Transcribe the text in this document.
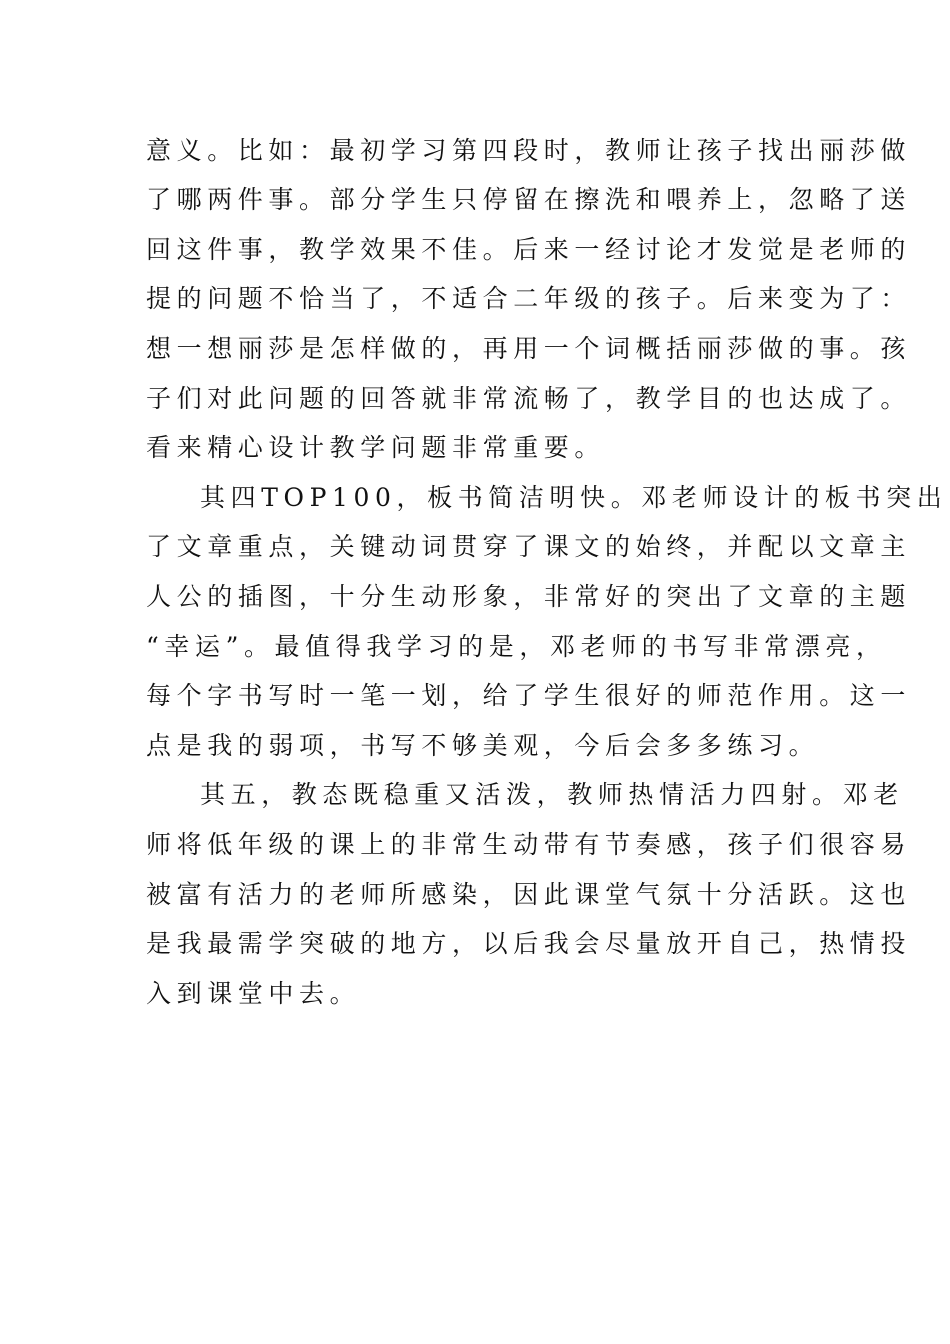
意义。比如：最初学习第四段时，教师让孩子找出丽莎做
了哪两件事。部分学生只停留在擦洗和喂养上，忽略了送
回这件事，教学效果不佳。后来一经讨论才发觉是老师的
提的问题不恰当了，不适合二年级的孩子。后来变为了：
想一想丽莎是怎样做的，再用一个词概括丽莎做的事。孩
子们对此问题的回答就非常流畅了，教学目的也达成了。
看来精心设计教学问题非常重要。
其四TOP100，板书简洁明快。邓老师设计的板书突出
了文章重点，关键动词贯穿了课文的始终，并配以文章主
人公的插图，十分生动形象，非常好的突出了文章的主题
“幸运”。最值得我学习的是，邓老师的书写非常漂亮，
每个字书写时一笔一划，给了学生很好的师范作用。这一
点是我的弱项，书写不够美观，今后会多多练习。
其五，教态既稳重又活泼，教师热情活力四射。邓老
师将低年级的课上的非常生动带有节奏感，孩子们很容易
被富有活力的老师所感染，因此课堂气氛十分活跃。这也
是我最需学突破的地方，以后我会尽量放开自己，热情投
入到课堂中去。
